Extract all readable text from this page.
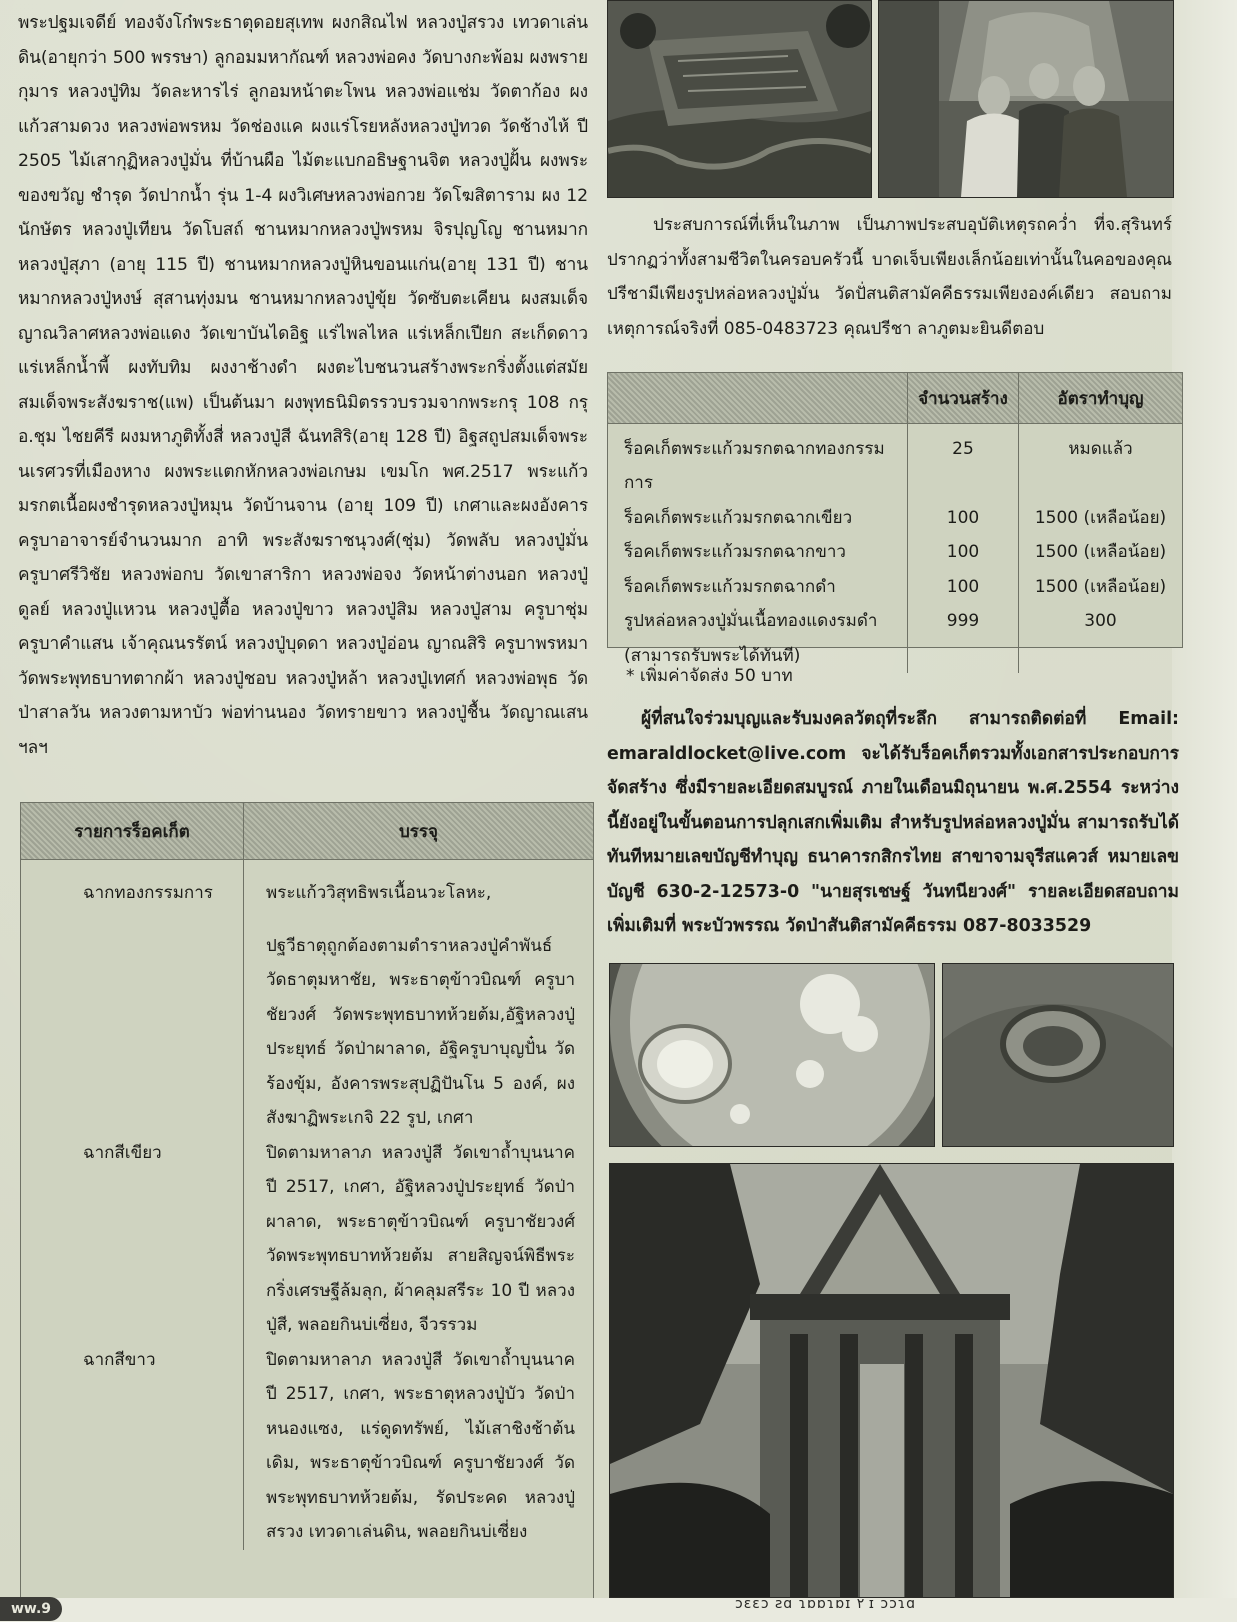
พระปฐมเจดีย์ ทองจังโก๋พระธาตุดอยสุเทพ ผงกสิณไฟ หลวงปู่สรวง เทวดาเล่นดิน(อายุกว่า 500 พรรษา) ลูกอมมหากัณฑ์ หลวงพ่อคง วัดบางกะพ้อม ผงพรายกุมาร หลวงปู่ทิม วัดละหารไร่ ลูกอมหน้าตะโพน หลวงพ่อแช่ม วัดตาก้อง ผงแก้วสามดวง หลวงพ่อพรหม วัดช่องแค ผงแร่โรยหลังหลวงปู่ทวด วัดช้างไห้ ปี 2505 ไม้เสากุฏิหลวงปู่มั่น ที่บ้านผือ ไม้ตะแบกอธิษฐานจิต หลวงปู่ฝั้น ผงพระของขวัญ ชำรุด วัดปากน้ำ รุ่น 1-4 ผงวิเศษหลวงพ่อกวย วัดโฆสิตาราม ผง 12 นักษัตร หลวงปู่เทียน วัดโบสถ์ ชานหมากหลวงปู่พรหม จิรปุญโญ ชานหมากหลวงปู่สุภา (อายุ 115 ปี) ชานหมากหลวงปู่หินขอนแก่น(อายุ 131 ปี) ชานหมากหลวงปู่หงษ์ สุสานทุ่งมน ชานหมากหลวงปู่ขุ้ย วัดซับตะเคียน ผงสมเด็จญาณวิลาศหลวงพ่อแดง วัดเขาบันไดอิฐ แร่ไพลไหล แร่เหล็กเปียก สะเก็ดดาว แร่เหล็กน้ำพี้ ผงทับทิม ผงงาช้างดำ ผงตะไบชนวนสร้างพระกริ่งตั้งแต่สมัยสมเด็จพระสังฆราช(แพ) เป็นต้นมา ผงพุทธนิมิตรรวบรวมจากพระกรุ 108 กรุ อ.ชุม ไชยคีรี ผงมหาภูติทั้งสี่ หลวงปู่สี ฉันทสิริ(อายุ 128 ปี) อิฐสถูปสมเด็จพระนเรศวรที่เมืองหาง ผงพระแตกหักหลวงพ่อเกษม เขมโก พศ.2517 พระแก้วมรกตเนื้อผงชำรุดหลวงปู่หมุน วัดบ้านจาน (อายุ 109 ปี) เกศาและผงอังคารครูบาอาจารย์จำนวนมาก อาทิ พระสังฆราชนุวงศ์(ชุ่ม) วัดพลับ หลวงปู่มั่น ครูบาศรีวิชัย หลวงพ่อกบ วัดเขาสาริกา หลวงพ่อจง วัดหน้าต่างนอก หลวงปู่ดูลย์ หลวงปู่แหวน หลวงปู่ตื้อ หลวงปู่ขาว หลวงปู่สิม หลวงปู่สาม ครูบาชุ่ม ครูบาคำแสน เจ้าคุณนรรัตน์ หลวงปู่บุดดา หลวงปู่อ่อน ญาณสิริ ครูบาพรหมา วัดพระพุทธบาทตากผ้า หลวงปู่ชอบ หลวงปู่หล้า หลวงปู่เทศก์ หลวงพ่อพุธ วัดป่าสาลวัน หลวงตามหาบัว พ่อท่านนอง วัดทรายขาว หลวงปู่ชื้น วัดญาณเสน ฯลฯ

รายการร็อคเก็ต	บรรจุ

ฉากทองกรรมการ	พระแก้ววิสุทธิพรเนื้อนวะโลหะ,
	ปฐวีธาตุถูกต้องตามตำราหลวงปู่คำพันธ์ วัดธาตุมหาชัย, พระธาตุข้าวบิณฑ์ ครูบาชัยวงศ์ วัดพระพุทธบาทห้วยต้ม,อัฐิหลวงปู่ประยุทธ์ วัดป่าผาลาด, อัฐิครูบาบุญปั๋น วัดร้องขุ้ม, อังคารพระสุปฏิปันโน 5 องค์, ผงสังฆาฏิพระเกจิ 22 รูป, เกศา

ฉากสีเขียว	ปิดตามหาลาภ หลวงปู่สี วัดเขาถ้ำบุนนาค ปี 2517, เกศา, อัฐิหลวงปู่ประยุทธ์ วัดป่าผาลาด, พระธาตุข้าวบิณฑ์ ครูบาชัยวงศ์ วัดพระพุทธบาทห้วยต้ม สายสิญจน์พิธีพระกริ่งเศรษฐีล้มลุก, ผ้าคลุมสรีระ 10 ปี หลวงปู่สี, พลอยกินบ่เซี่ยง, จีวรรวม

ฉากสีขาว	ปิดตามหาลาภ หลวงปู่สี วัดเขาถ้ำบุนนาค ปี 2517, เกศา, พระธาตุหลวงปู่บัว วัดป่าหนองแซง, แร่ดูดทรัพย์, ไม้เสาชิงช้าต้นเดิม, พระธาตุข้าวบิณฑ์ ครูบาชัยวงศ์ วัดพระพุทธบาทห้วยต้ม, รัดประคด หลวงปู่สรวง เทวดาเล่นดิน, พลอยกินบ่เซี่ยง

ประสบการณ์ที่เห็นในภาพ เป็นภาพประสบอุบัติเหตุรถคว่ำ ที่จ.สุรินทร์ ปรากฏว่าทั้งสามชีวิตในครอบครัวนี้ บาดเจ็บเพียงเล็กน้อยเท่านั้นในคอของคุณปรีชามีเพียงรูปหล่อหลวงปู่มั่น วัดปั่สนติสามัคคีธรรมเพียงองค์เดียว สอบถามเหตุการณ์จริงที่ 085-0483723 คุณปรีชา ลาภูตมะยินดีตอบ

	จำนวนสร้าง	อัตราทำบุญ

ร็อคเก็ตพระแก้วมรกตฉากทองกรรมการ	25	หมดแล้ว
ร็อคเก็ตพระแก้วมรกตฉากเขียว	100	1500 (เหลือน้อย)
ร็อคเก็ตพระแก้วมรกตฉากขาว	100	1500 (เหลือน้อย)
ร็อคเก็ตพระแก้วมรกตฉากดำ	100	1500 (เหลือน้อย)
รูปหล่อหลวงปู่มั่นเนื้อทองแดงรมดำ (สามารถรับพระได้ทันที)	999	300

* เพิ่มค่าจัดส่ง 50 บาท

ผู้ที่สนใจร่วมบุญและรับมงคลวัตถุที่ระลึก สามารถติดต่อที่ Email: emaraldlocket@live.com จะได้รับร็อคเก็ตรวมทั้งเอกสารประกอบการจัดสร้าง ซึ่งมีรายละเอียดสมบูรณ์ ภายในเดือนมิถุนายน พ.ศ.2554 ระหว่างนี้ยังอยู่ในขั้นตอนการปลุกเสกเพิ่มเติม สำหรับรูปหล่อหลวงปู่มั่น สามารถรับได้ทันทีหมายเลขบัญชีทำบุญ ธนาคารกสิกรไทย สาขาจามจุรีสแควส์ หมายเลขบัญชี 630-2-12573-0 "นายสุรเชษฐ์ วันทนียวงศ์" รายละเอียดสอบถามเพิ่มเติมที่ พระบัวพรรณ วัดป่าสันติสามัคคีธรรม 087-8033529

ww.9	ɔɛɛɔ ƨɑ ɿɒɒɿɒɪ ۲ ɪ ɔɔɿɑ
